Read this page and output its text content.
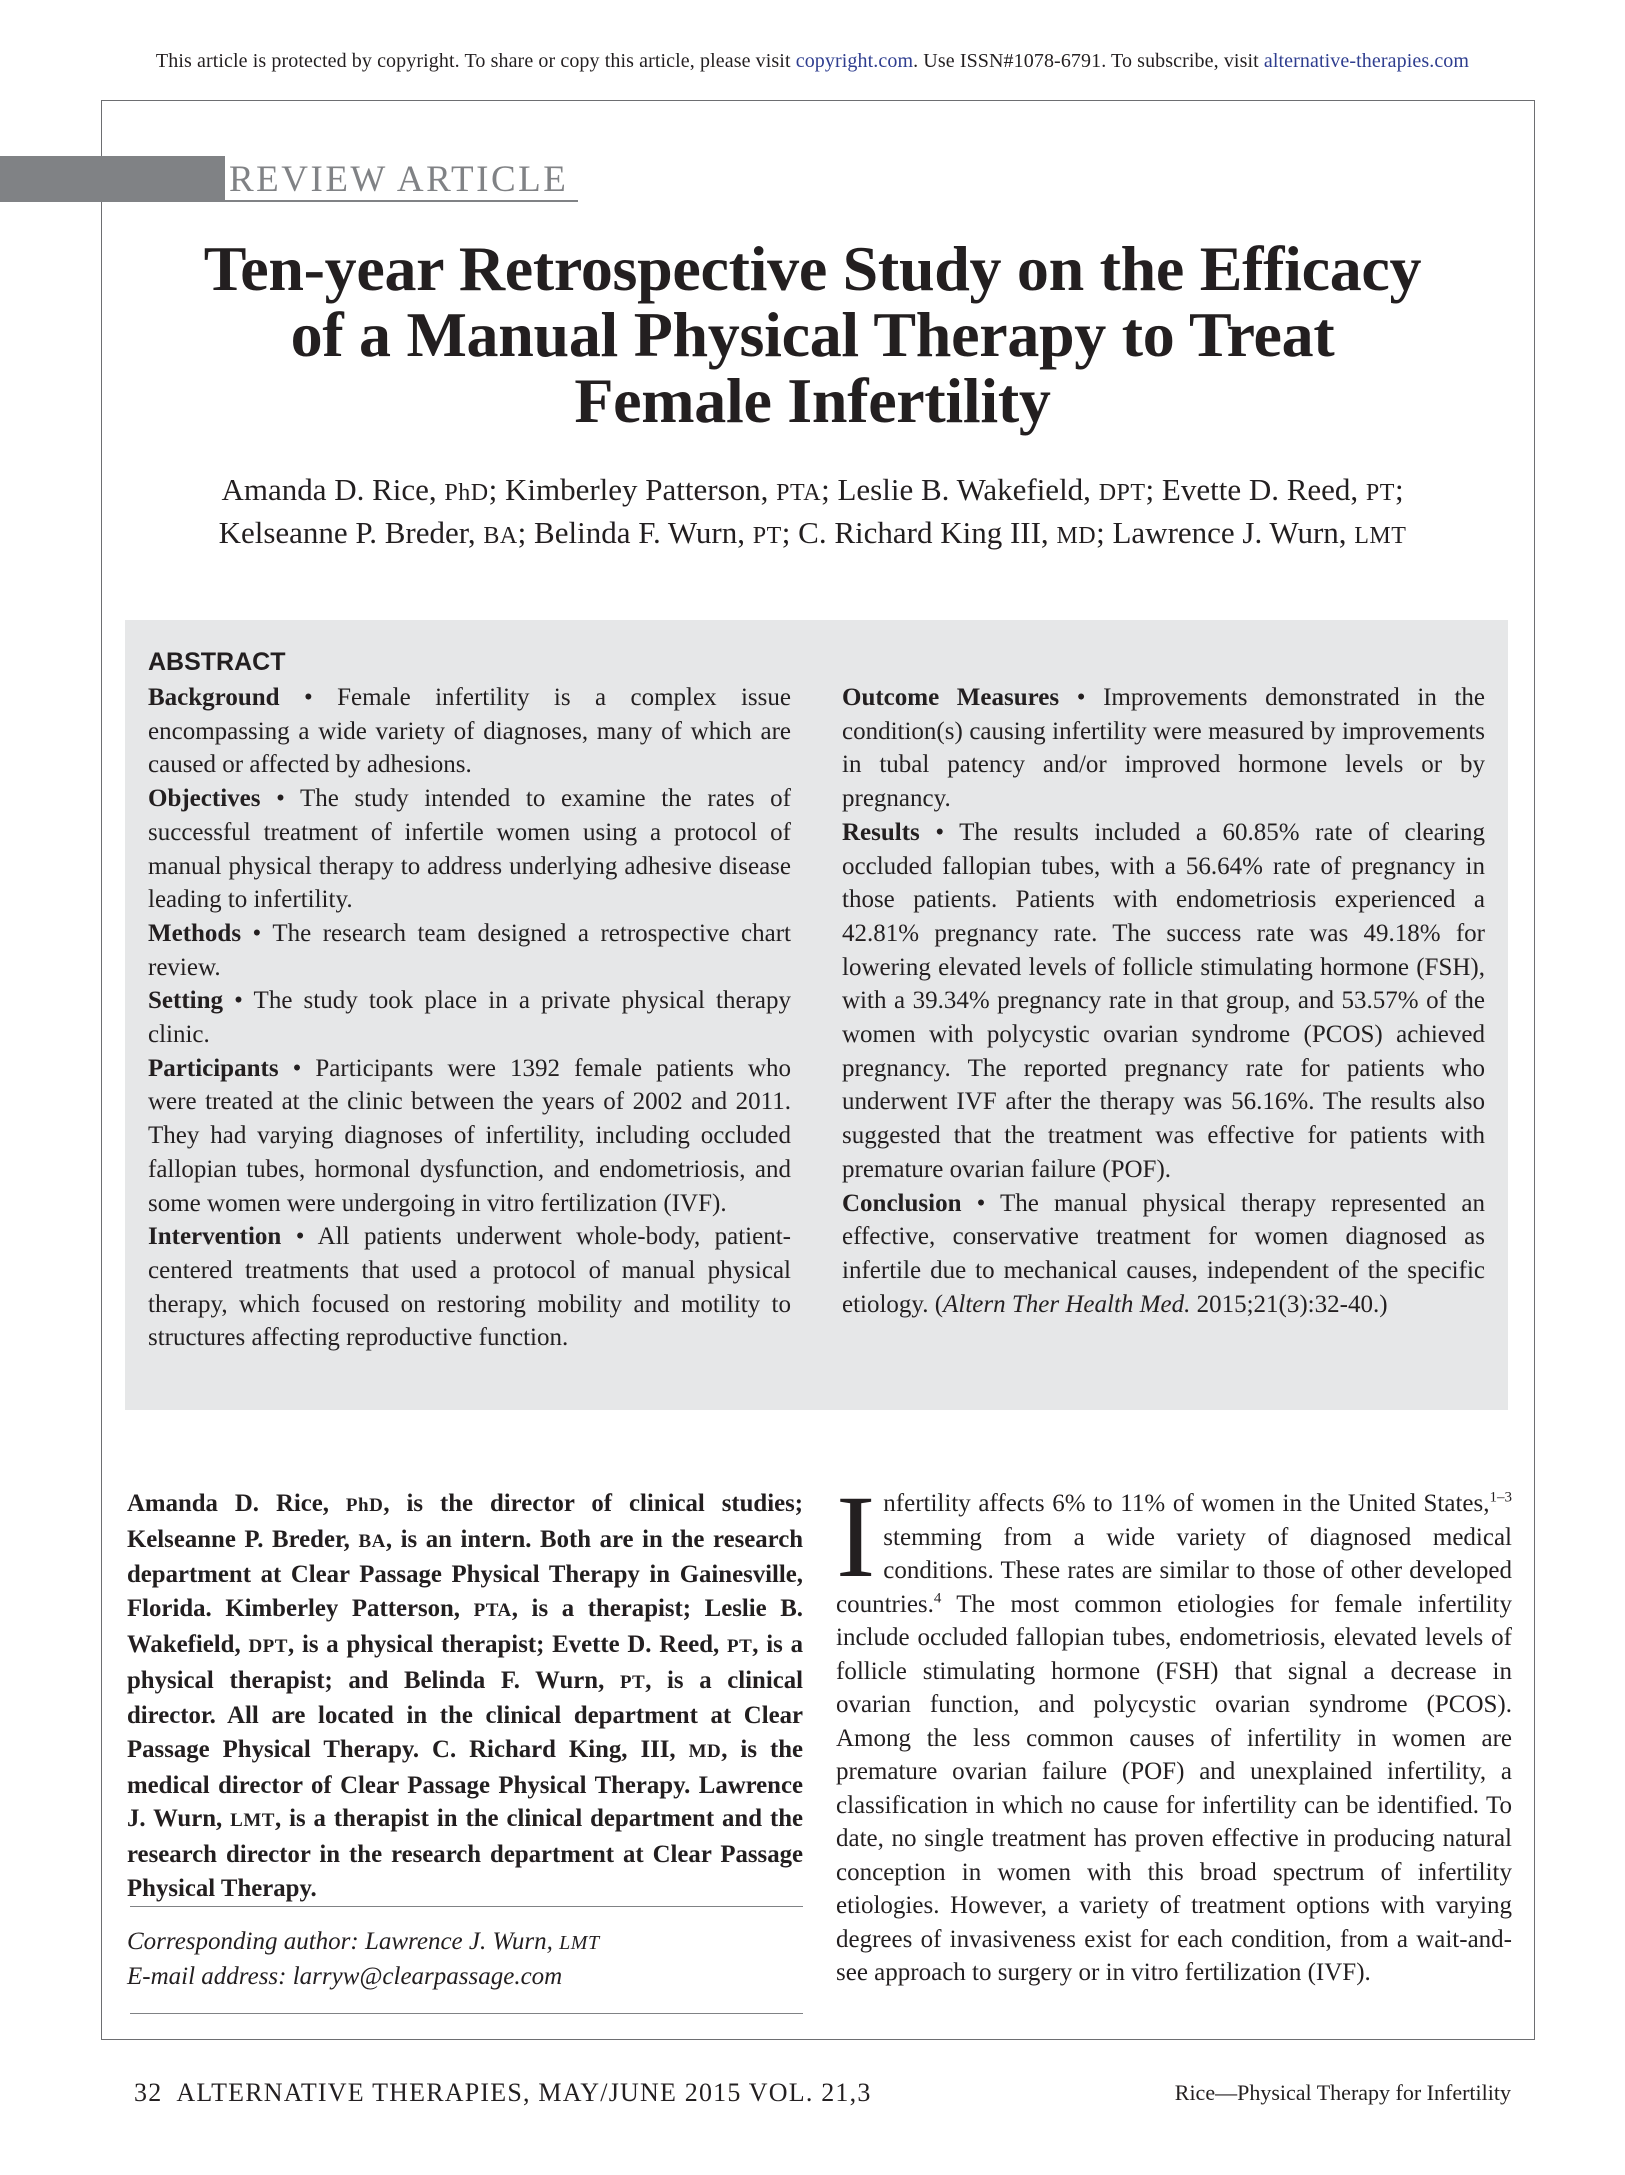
This article is protected by copyright. To share or copy this article, please visit copyright.com. Use ISSN#1078-6791. To subscribe, visit alternative-therapies.com
REVIEW ARTICLE
Ten-year Retrospective Study on the Efficacy
of a Manual Physical Therapy to Treat
Female Infertility
Amanda D. Rice, PhD; Kimberley Patterson, PTA; Leslie B. Wakefield, DPT; Evette D. Reed, PT;
Kelseanne P. Breder, BA; Belinda F. Wurn, PT; C. Richard King III, MD; Lawrence J. Wurn, LMT
ABSTRACT

Background • Female infertility is a complex issue encompassing a wide variety of diagnoses, many of which are caused or affected by adhesions.

Objectives • The study intended to examine the rates of successful treatment of infertile women using a protocol of manual physical therapy to address underlying adhesive disease leading to infertility.

Methods • The research team designed a retrospective chart review.

Setting • The study took place in a private physical therapy clinic.

Participants • Participants were 1392 female patients who were treated at the clinic between the years of 2002 and 2011. They had varying diagnoses of infertility, including occluded fallopian tubes, hormonal dysfunction, and endometriosis, and some women were undergoing in vitro fertilization (IVF).

Intervention • All patients underwent whole-body, patient-centered treatments that used a protocol of manual physical therapy, which focused on restoring mobility and motility to structures affecting reproductive function.

Outcome Measures • Improvements demonstrated in the condition(s) causing infertility were measured by improvements in tubal patency and/or improved hormone levels or by pregnancy.

Results • The results included a 60.85% rate of clearing occluded fallopian tubes, with a 56.64% rate of pregnancy in those patients. Patients with endometriosis experienced a 42.81% pregnancy rate. The success rate was 49.18% for lowering elevated levels of follicle stimulating hormone (FSH), with a 39.34% pregnancy rate in that group, and 53.57% of the women with polycystic ovarian syndrome (PCOS) achieved pregnancy. The reported pregnancy rate for patients who underwent IVF after the therapy was 56.16%. The results also suggested that the treatment was effective for patients with premature ovarian failure (POF).

Conclusion • The manual physical therapy represented an effective, conservative treatment for women diagnosed as infertile due to mechanical causes, independent of the specific etiology. (Altern Ther Health Med. 2015;21(3):32-40.)

Amanda D. Rice, PhD, is the director of clinical studies; Kelseanne P. Breder, BA, is an intern. Both are in the research department at Clear Passage Physical Therapy in Gainesville, Florida. Kimberley Patterson, PTA, is a therapist; Leslie B. Wakefield, DPT, is a physical therapist; Evette D. Reed, PT, is a physical therapist; and Belinda F. Wurn, PT, is a clinical director. All are located in the clinical department at Clear Passage Physical Therapy. C. Richard King, III, MD, is the medical director of Clear Passage Physical Therapy. Lawrence J. Wurn, LMT, is a therapist in the clinical department and the research director in the research department at Clear Passage Physical Therapy.

Corresponding author: Lawrence J. Wurn, LMT
E-mail address: larryw@clearpassage.com

Infertility affects 6% to 11% of women in the United States,$^{1-3}$ stemming from a wide variety of diagnosed medical conditions. These rates are similar to those of other developed countries.$^4$ The most common etiologies for female infertility include occluded fallopian tubes, endometriosis, elevated levels of follicle stimulating hormone (FSH) that signal a decrease in ovarian function, and polycystic ovarian syndrome (PCOS). Among the less common causes of infertility in women are premature ovarian failure (POF) and unexplained infertility, a classification in which no cause for infertility can be identified. To date, no single treatment has proven effective in producing natural conception in women with this broad spectrum of infertility etiologies. However, a variety of treatment options with varying degrees of invasiveness exist for each condition, from a wait-and-see approach to surgery or in vitro fertilization (IVF).

32 ALTERNATIVE THERAPIES, MAY/JUNE 2015 VOL. 21,3	Rice—Physical Therapy for Infertility
